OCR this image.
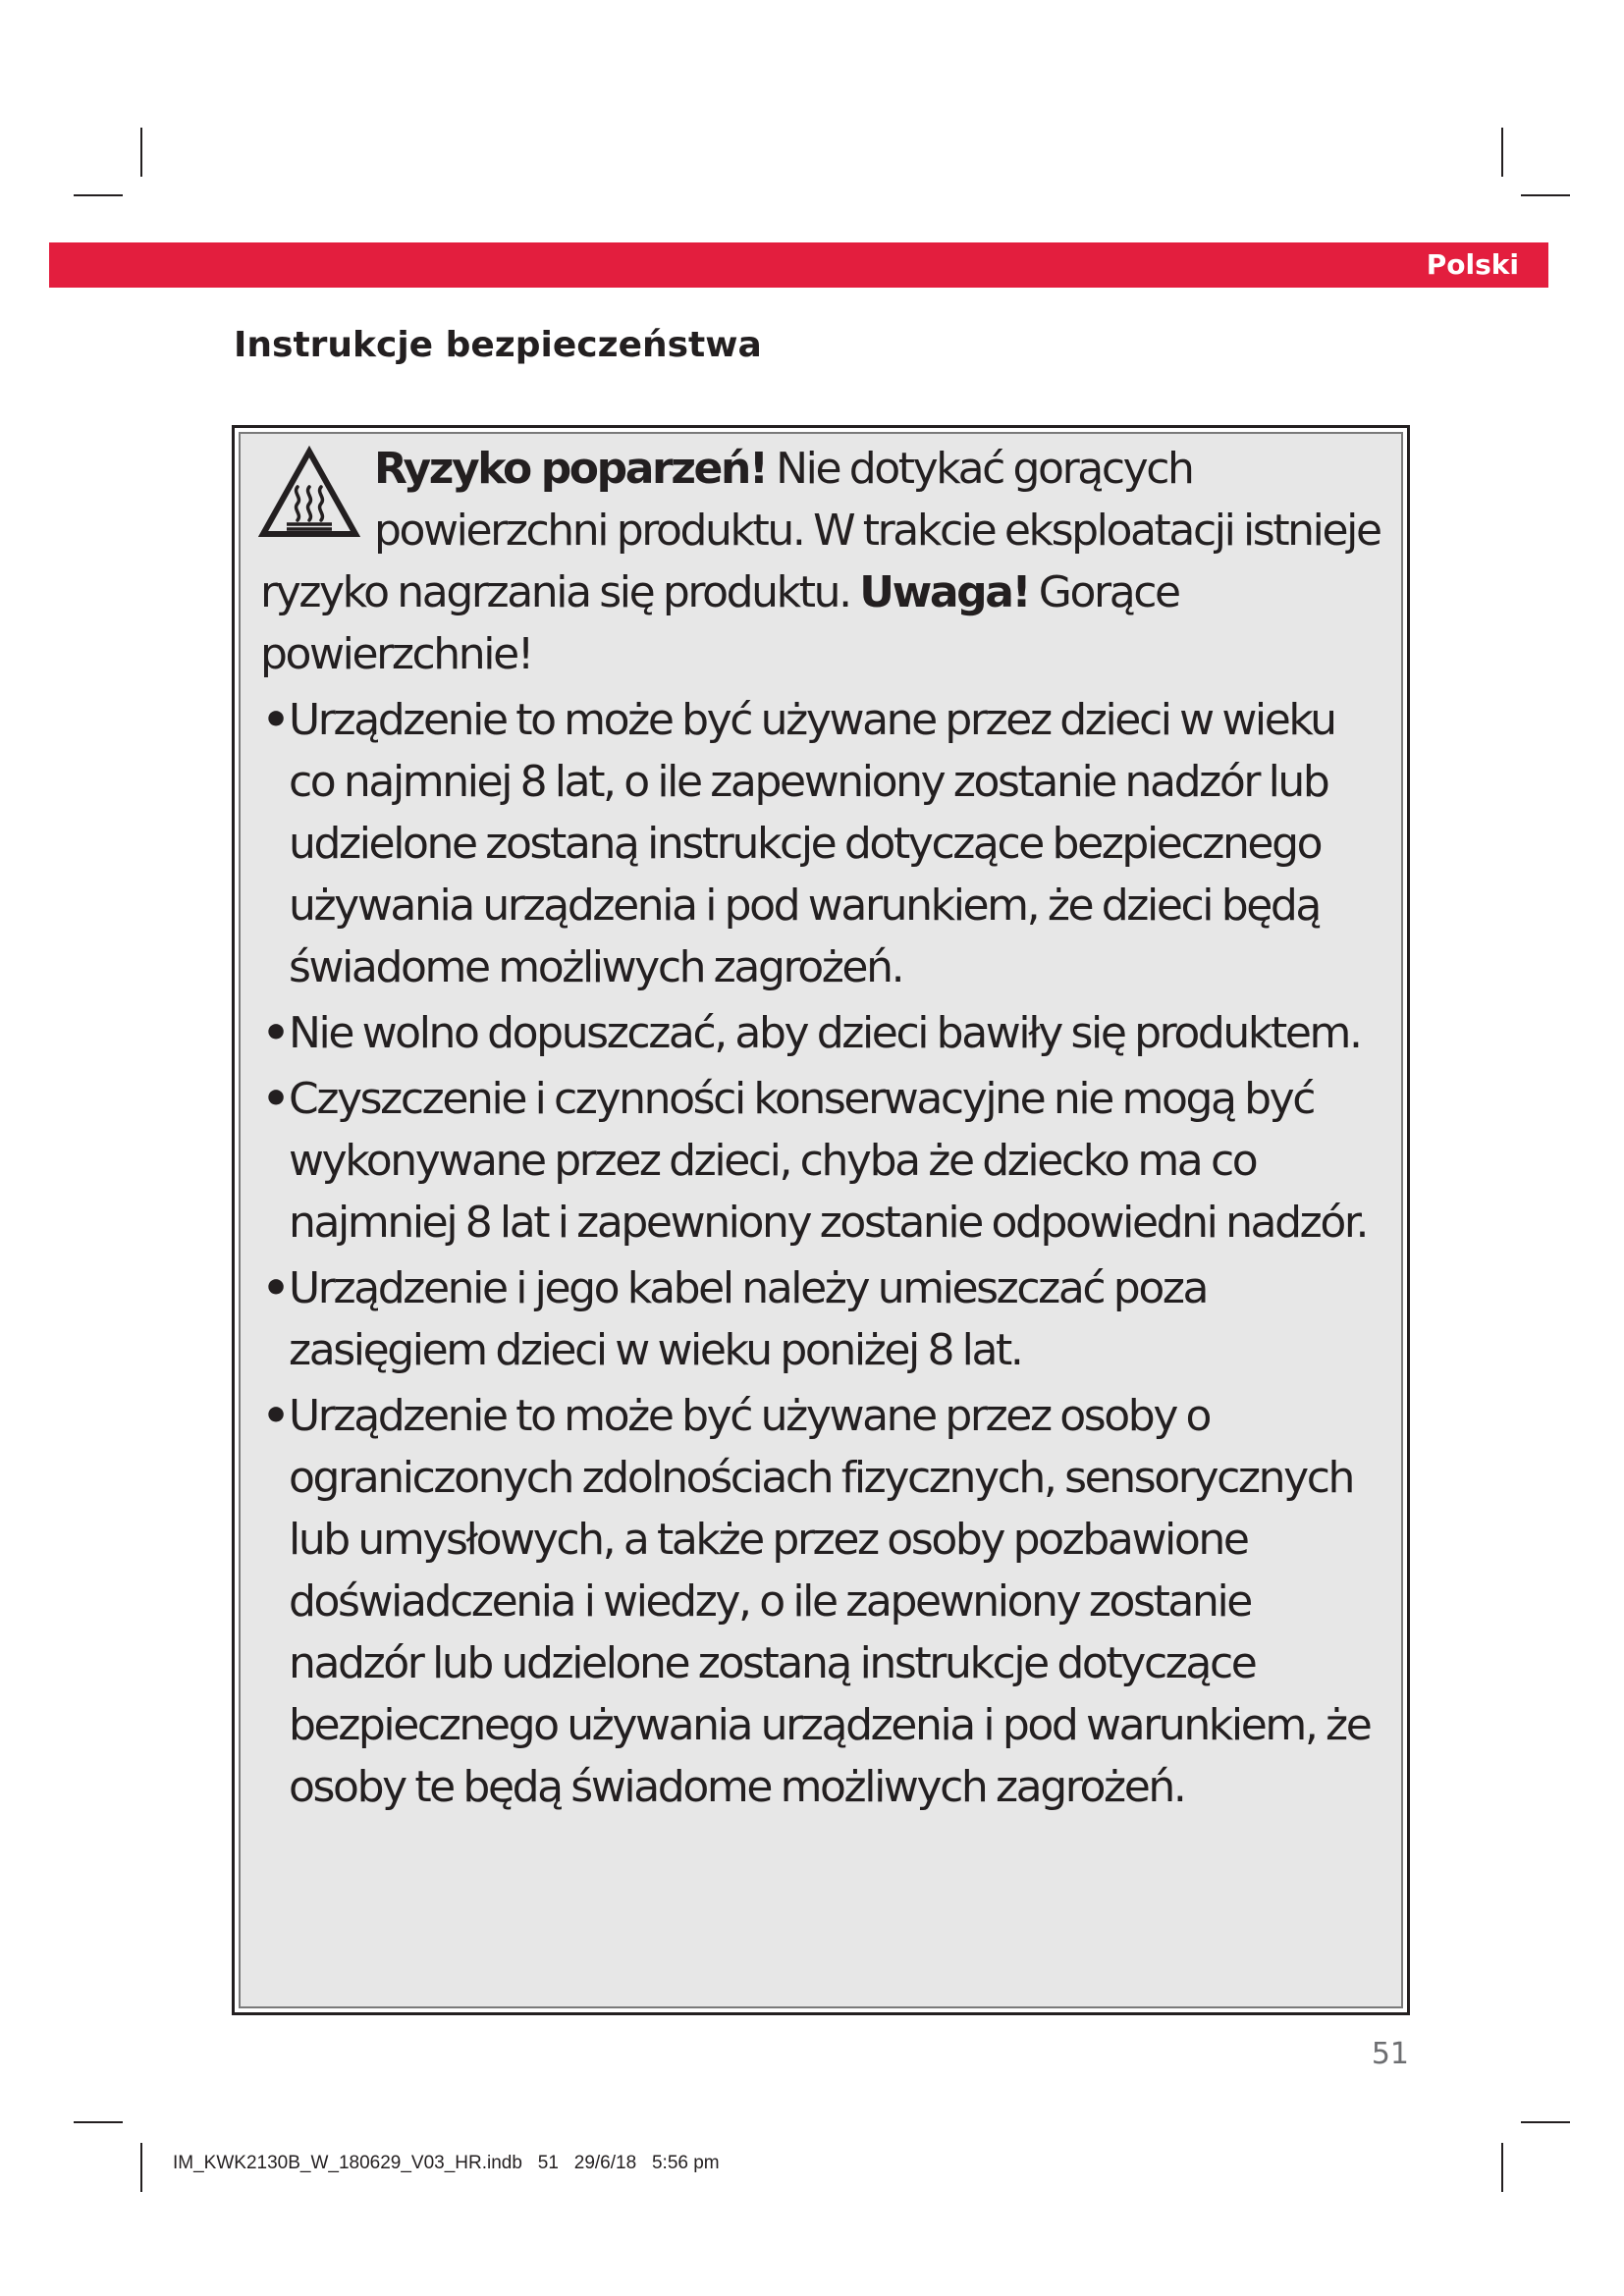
Polski
Instrukcje bezpieczeństwa

Ryzyko poparzeń! Nie dotykać gorących powierzchni produktu. W trakcie eksploatacji istnieje ryzyko nagrzania się produktu. Uwaga! Gorące powierzchnie!

• Urządzenie to może być używane przez dzieci w wieku co najmniej 8 lat, o ile zapewniony zostanie nadzór lub udzielone zostaną instrukcje dotyczące bezpiecznego używania urządzenia i pod warunkiem, że dzieci będą świadome możliwych zagrożeń.
• Nie wolno dopuszczać, aby dzieci bawiły się produktem.
• Czyszczenie i czynności konserwacyjne nie mogą być wykonywane przez dzieci, chyba że dziecko ma co najmniej 8 lat i zapewniony zostanie odpowiedni nadzór.
• Urządzenie i jego kabel należy umieszczać poza zasięgiem dzieci w wieku poniżej 8 lat.
• Urządzenie to może być używane przez osoby o ograniczonych zdolnościach fizycznych, sensorycznych lub umysłowych, a także przez osoby pozbawione doświadczenia i wiedzy, o ile zapewniony zostanie nadzór lub udzielone zostaną instrukcje dotyczące bezpiecznego używania urządzenia i pod warunkiem, że osoby te będą świadome możliwych zagrożeń.
51
IM_KWK2130B_W_180629_V03_HR.indb   51   29/6/18   5:56 pm
